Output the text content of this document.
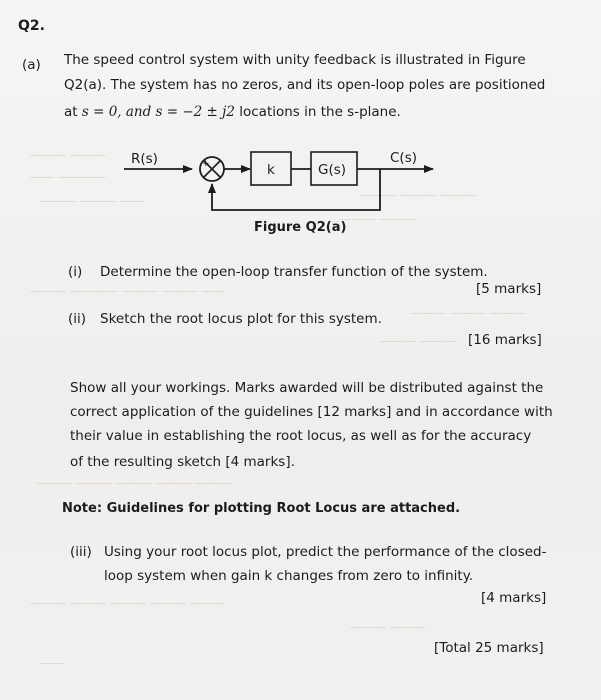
——— ———
—— ————
——— ——— ——	——— ——— ———
——— ———
——— ———— ——— ——— ——
——— ——— ———
——— ———
——— ——— ——— ——— ———
——— ——— ——— ——— ———
——— ———
——
Q2.
(a) The speed control system with unity feedback is illustrated in Figure
Q2(a). The system has no zeros, and its open-loop poles are positioned
at s = 0, and s = −2 ± j2 locations in the s-plane.
R(s)	+	k	G(s)
C(s)
Figure Q2(a)
(i) Determine the open-loop transfer function of the system.
[5 marks]
(ii) Sketch the root locus plot for this system.
[16 marks]
Show all your workings. Marks awarded will be distributed against the
correct application of the guidelines [12 marks] and in accordance with
their value in establishing the root locus, as well as for the accuracy
of the resulting sketch [4 marks].
Note: Guidelines for plotting Root Locus are attached.
(iii) Using your root locus plot, predict the performance of the closed-
loop system when gain k changes from zero to infinity.
[4 marks]
[Total 25 marks]
